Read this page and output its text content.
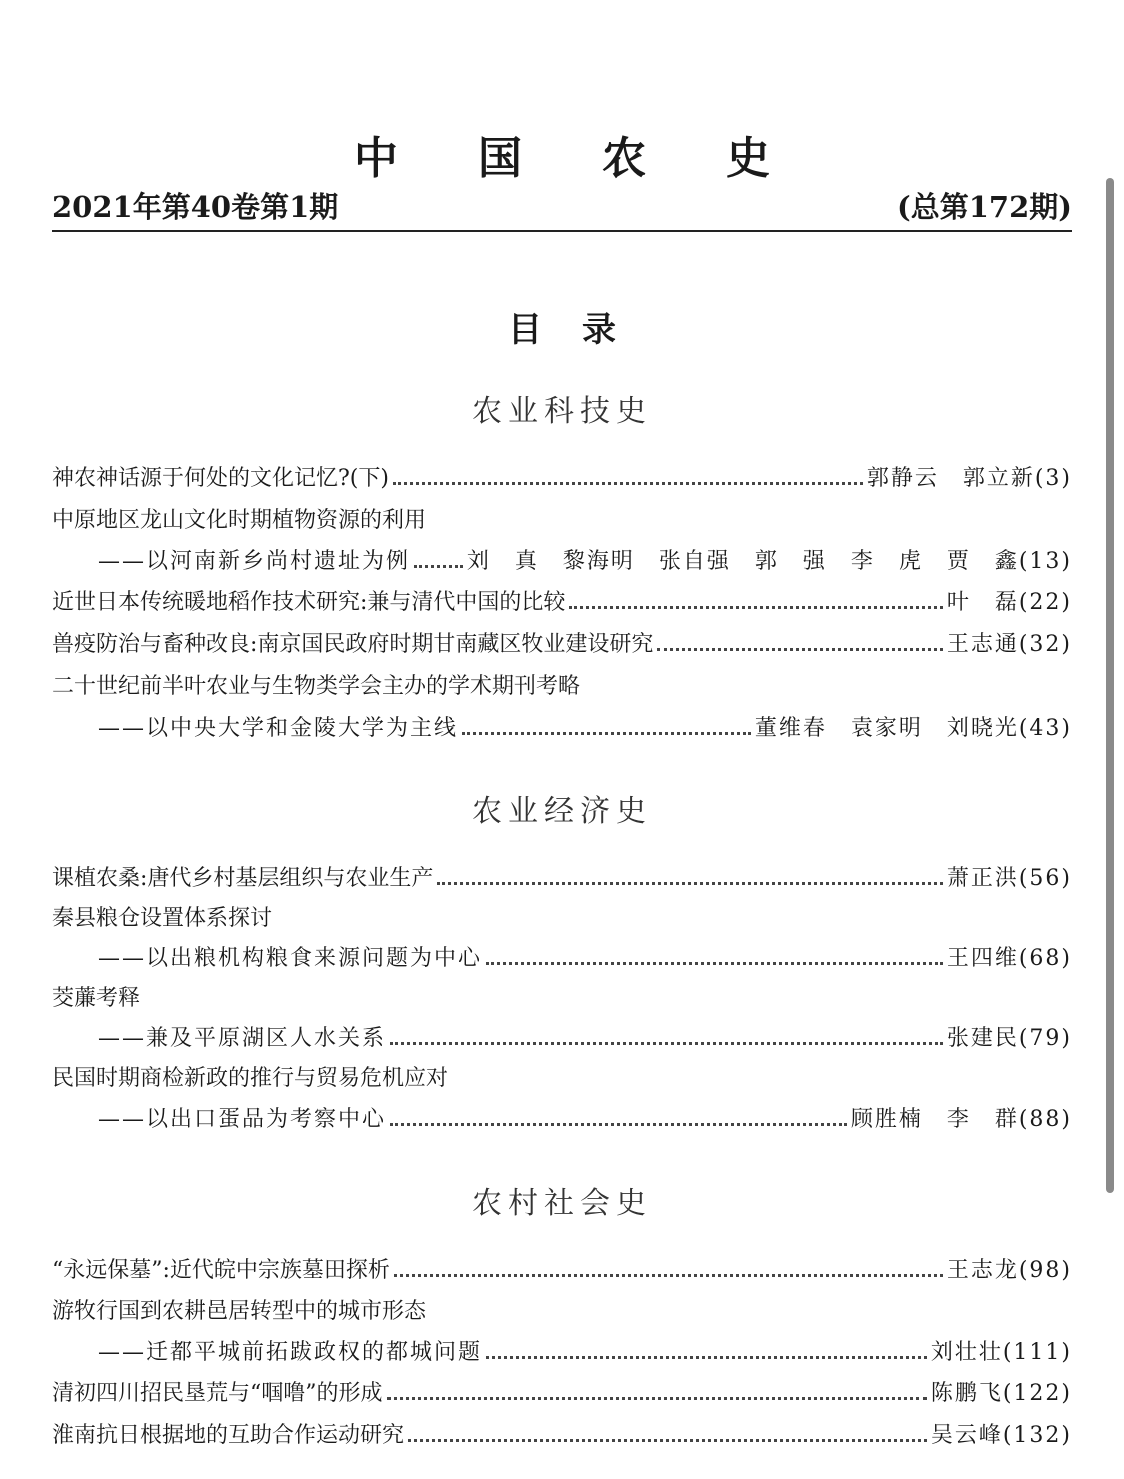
中国农史
2021年第40卷第1期	(总第172期)
目录
农业科技史
神农神话源于何处的文化记忆?(下)	郭静云　郭立新(3)
中原地区龙山文化时期植物资源的利用
——以河南新乡尚村遗址为例	刘　真　黎海明　张自强　郭　强　李　虎　贾　鑫(13)
近世日本传统暖地稻作技术研究:兼与清代中国的比较	叶　磊(22)
兽疫防治与畜种改良:南京国民政府时期甘南藏区牧业建设研究	王志通(32)
二十世纪前半叶农业与生物类学会主办的学术期刊考略
——以中央大学和金陵大学为主线	董维春　袁家明　刘晓光(43)
农业经济史
课植农桑:唐代乡村基层组织与农业生产	萧正洪(56)
秦县粮仓设置体系探讨
——以出粮机构粮食来源问题为中心	王四维(68)
茭薕考释
——兼及平原湖区人水关系	张建民(79)
民国时期商检新政的推行与贸易危机应对
——以出口蛋品为考察中心	顾胜楠　李　群(88)
农村社会史
“永远保墓”:近代皖中宗族墓田探析	王志龙(98)
游牧行国到农耕邑居转型中的城市形态
——迁都平城前拓跋政权的都城问题	刘壮壮(111)
清初四川招民垦荒与“啯噜”的形成	陈鹏飞(122)
淮南抗日根据地的互助合作运动研究	吴云峰(132)
